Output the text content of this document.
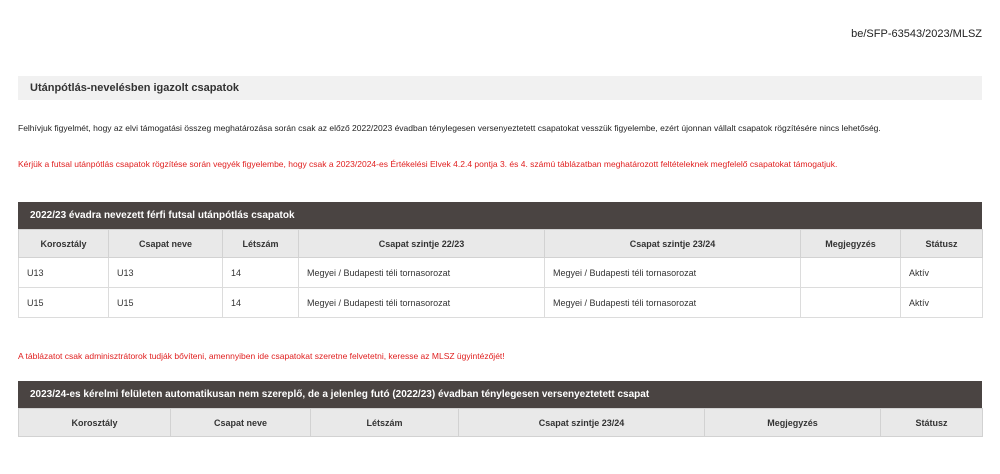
be/SFP-63543/2023/MLSZ
Utánpótlás-nevelésben igazolt csapatok
Felhívjuk figyelmét, hogy az elvi támogatási összeg meghatározása során csak az előző 2022/2023 évadban ténylegesen versenyeztetett csapatokat vesszük figyelembe, ezért újonnan vállalt csapatok rögzítésére nincs lehetőség.
Kérjük a futsal utánpótlás csapatok rögzítése során vegyék figyelembe, hogy csak a 2023/2024-es Értékelési Elvek 4.2.4 pontja 3. és 4. számú táblázatban meghatározott feltételeknek megfelelő csapatokat támogatjuk.
2022/23 évadra nevezett férfi futsal utánpótlás csapatok
Korosztály	Csapat neve	Létszám	Csapat szintje 22/23	Csapat szintje 23/24	Megjegyzés	Státusz
U13	U13	14	Megyei / Budapesti téli tornasorozat	Megyei / Budapesti téli tornasorozat		Aktív
U15	U15	14	Megyei / Budapesti téli tornasorozat	Megyei / Budapesti téli tornasorozat		Aktív
A táblázatot csak adminisztrátorok tudják bővíteni, amennyiben ide csapatokat szeretne felvetetni, keresse az MLSZ ügyintézőjét!
2023/24-es kérelmi felületen automatikusan nem szereplő, de a jelenleg futó (2022/23) évadban ténylegesen versenyeztetett csapat
Korosztály	Csapat neve	Létszám	Csapat szintje 23/24	Megjegyzés	Státusz
